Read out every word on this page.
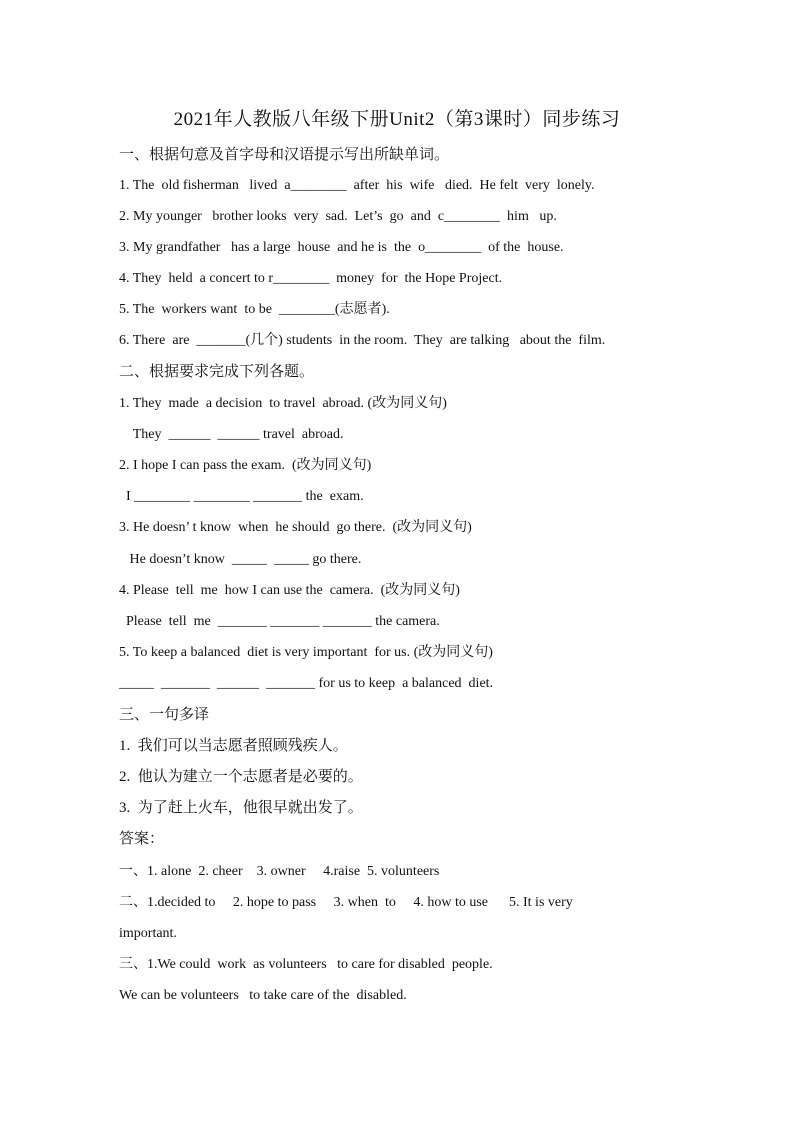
2021年人教版八年级下册Unit2（第3课时）同步练习
一、根据句意及首字母和汉语提示写出所缺单词。
1. The  old fisherman   lived  a________  after  his  wife   died.  He felt  very  lonely.
2. My younger   brother looks  very  sad.  Let’s  go  and  c________  him   up.
3. My grandfather   has a large  house  and he is  the  o________  of the  house.
4. They  held  a concert to r________  money  for  the Hope Project.
5. The  workers want  to be  ________(志愿者).
6. There  are  _______(几个) students  in the room.  They  are talking   about the  film.
二、根据要求完成下列各题。
1. They  made  a decision  to travel  abroad. (改为同义句)
They  ______  ______ travel  abroad.
2. I hope I can pass the exam.  (改为同义句)
I ________ ________ _______ the  exam.
3. He doesn’ t know  when  he should  go there.  (改为同义句)
He doesn’t know  _____  _____ go there.
4. Please  tell  me  how I can use the  camera.  (改为同义句)
Please  tell  me  _______ _______ _______ the camera.
5. To keep a balanced  diet is very important  for us. (改为同义句)
_____  _______  ______  _______ for us to keep  a balanced  diet.
三、一句多译
1.  我们可以当志愿者照顾残疾人。
2.  他认为建立一个志愿者是必要的。
3.  为了赶上火车，他很早就出发了。
答案：
一、1. alone  2. cheer    3. owner     4.raise  5. volunteers
二、1.decided to     2. hope to pass     3. when  to     4. how to use      5. It is very
important.
三、1.We could  work  as volunteers   to care for disabled  people.
We can be volunteers   to take care of the  disabled.
